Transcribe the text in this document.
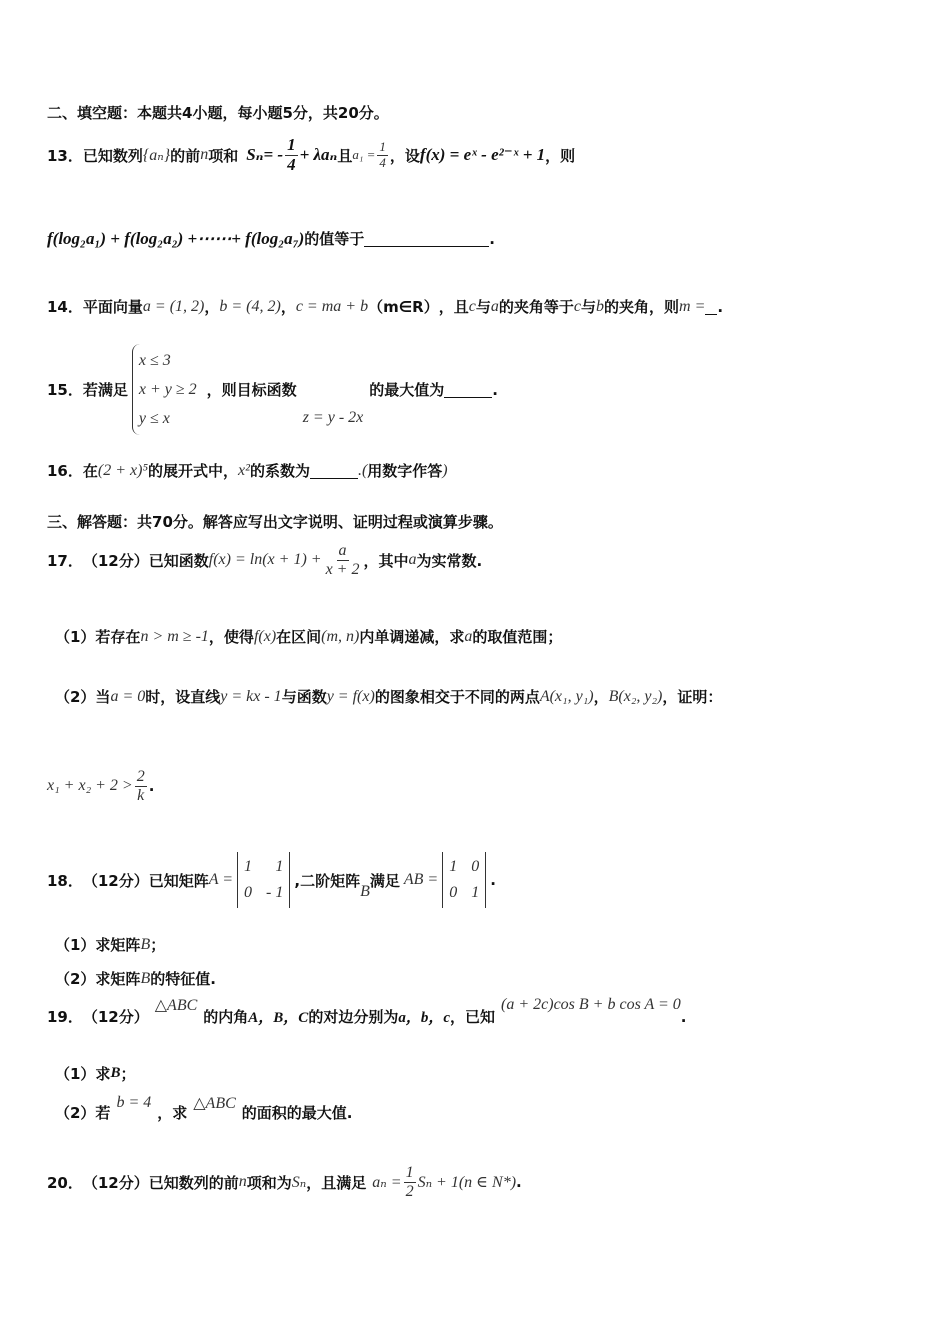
二、填空题：本题共4小题，每小题5分，共20分。
13． 已知数列 {aₙ} 的前 n 项和 Sₙ = - $\frac{1}{4} + \lambda a_n$ 且 $a_1 = \frac{1}{4}$ ，设 f(x) = eˣ - e²⁻ˣ + 1 ，则
f(log₂a₁) + f(log₂a₂) +⋯⋯+ f(log₂a₇) 的值等于	.
14． 平面向量 a = (1, 2) ， b = (4, 2) ， c = ma + b （m∈R） ，且 c 与 a 的夹角等于 c 与 b 的夹角，则 m = .
15． 若满足
x ≤ 3
x + y ≥ 2
y ≤ x
，则目标函数
z = y - 2x
的最大值为	.
16． 在 (2 + x)⁵ 的展开式中， x² 的系数为	.( 用数字作答 )
三、解答题：共70分。解答应写出文字说明、证明过程或演算步骤。
17． （12分） 已知函数 $f(x) = \ln(x + 1) + \frac{a}{x + 2}$ ，其中 a 为实常数.
（1）若存在 n > m ≥ -1 ，使得 f(x) 在区间 (m, n) 内单调递减，求 a 的取值范围；
（2）当 a = 0 时，设直线 y = kx - 1 与函数 y = f(x) 的图象相交于不同的两点 A(x₁, y₁) ， B(x₂, y₂) ，证明：
$x_1 + x_2 + 2 > \frac{2}{k}$ .
18． （12分） 已知矩阵 A =
1	1
0 - 1
,二阶矩阵
B
满足 AB =
1 0
0 1
.
（1）求矩阵 B ；
（2）求矩阵 B 的特征值.
19． （12分）
△ABC
的内角 A，B，C 的对边分别为 a，b，c ，已知
(a + 2c)cos B + b cos A = 0
.
（1）求 B ；
（2）若
b = 4
，求
△ABC
的面积的最大值.
20． （12分） 已知数列的前 n 项和为 Sₙ ，且满足 $a_n = \frac{1}{2}$ Sₙ + 1(n ∈ N*) .
